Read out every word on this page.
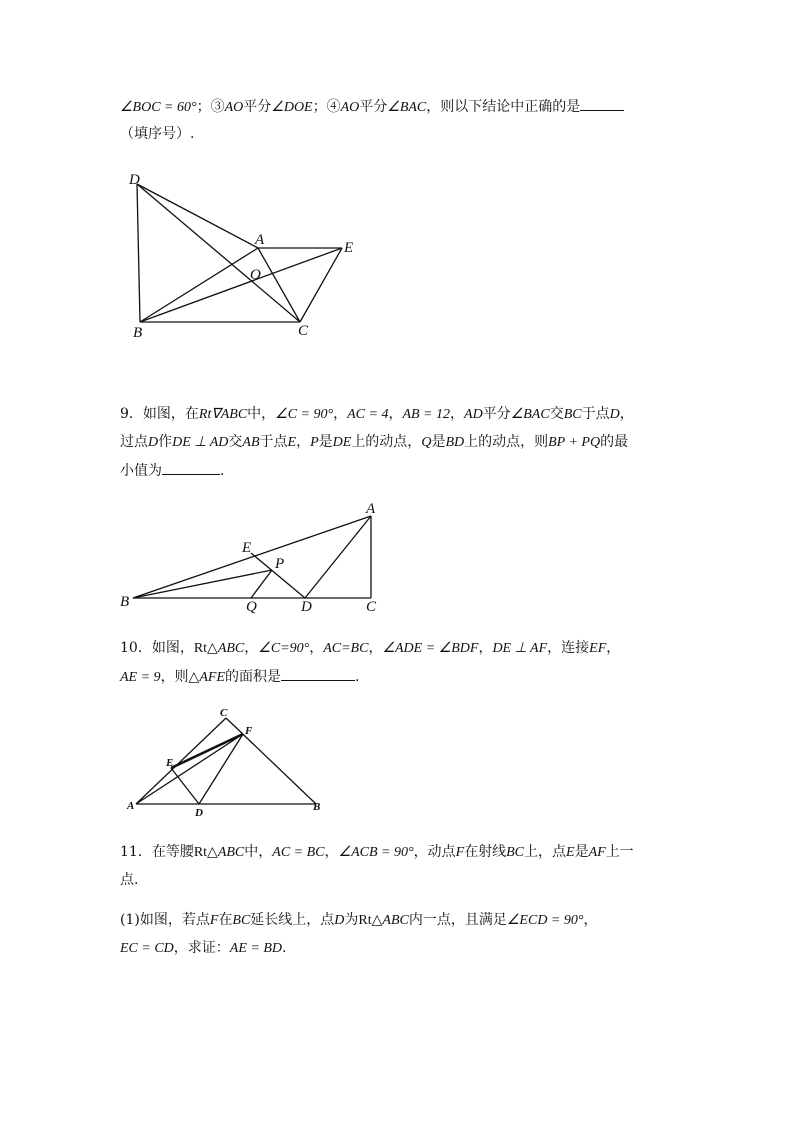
∠BOC = 60°；③AO平分∠DOE；④AO平分∠BAC，则以下结论中正确的是
（填序号）.
D
A	E
O
B	C
9．如图，在Rt∇ABC中，∠C = 90°，AC = 4，AB = 12，AD平分∠BAC交BC于点D，
过点D作DE ⊥ AD交AB于点E，P是DE上的动点，Q是BD上的动点，则BP + PQ的最
小值为	.
A
E
P
B	Q	D	C
10．如图，Rt△ABC，∠C=90°，AC=BC，∠ADE = ∠BDF，DE ⊥ AF，连接EF，
AE = 9，则△AFE的面积是	.
C
F
E
A
D	B
11．在等腰Rt△ABC中，AC = BC，∠ACB = 90°，动点F在射线BC上，点E是AF上一
点.
(1)如图，若点F在BC延长线上，点D为Rt△ABC内一点，且满足∠ECD = 90°，
EC = CD，求证：AE = BD.
